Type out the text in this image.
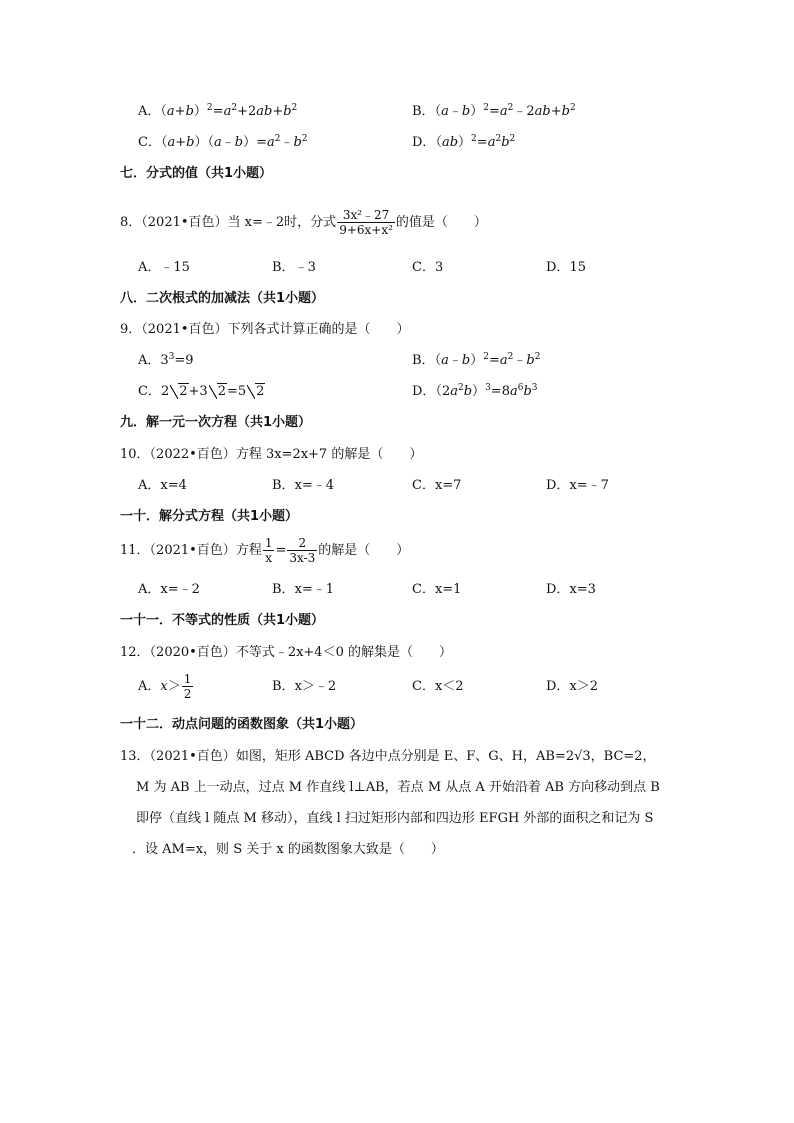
A．$(a+b)^2=a^2+2ab+b^2$	B．$(a﹣b)^2=a^2﹣2ab+b^2$
C．$(a+b)(a﹣b)=a^2﹣b^2$	D．$(ab)^2=a^2b^2$
七．分式的值（共1小题）
8．（2021•百色）当 x=﹣2时，分式 $\frac{\text{3x²﹣27}}{\text{9+6x+x²}}$ 的值是（　　）
A．﹣15	B．﹣3	C．3	D．15
八．二次根式的加减法（共1小题）
9．（2021•百色）下列各式计算正确的是（　　）
A．$3^3=9$	B．$(a﹣b)^2=a^2﹣b^2$
C．2 2+3 2=5 2	D．$(2a^2b)^3=8a^6b^3$
九．解一元一次方程（共1小题）
10．（2022•百色）方程 3x=2x+7 的解是（　　）
A．x=4	B．x=﹣4	C．x=7	D．x=﹣7
一十．解分式方程（共1小题）
11．（2021•百色）方程 $\frac{1}{x} = \frac{2}{3x-3}$ 的解是（　　）
A．x=﹣2	B．x=﹣1	C．x=1	D．x=3
一十一．不等式的性质（共1小题）
12．（2020•百色）不等式﹣2x+4＜0 的解集是（　　）
A．$x> \frac{1}{2}$	B．x＞﹣2	C．x＜2	D．x＞2
一十二．动点问题的函数图象（共1小题）
13．（2021•百色）如图，矩形 ABCD 各边中点分别是 E、F、G、H，AB=2√3，BC=2，
M 为 AB 上一动点，过点 M 作直线 l⊥AB，若点 M 从点 A 开始沿着 AB 方向移动到点 B
即停（直线 l 随点 M 移动），直线 l 扫过矩形内部和四边形 EFGH 外部的面积之和记为 S
．设 AM=x，则 S 关于 x 的函数图象大致是（　　）
